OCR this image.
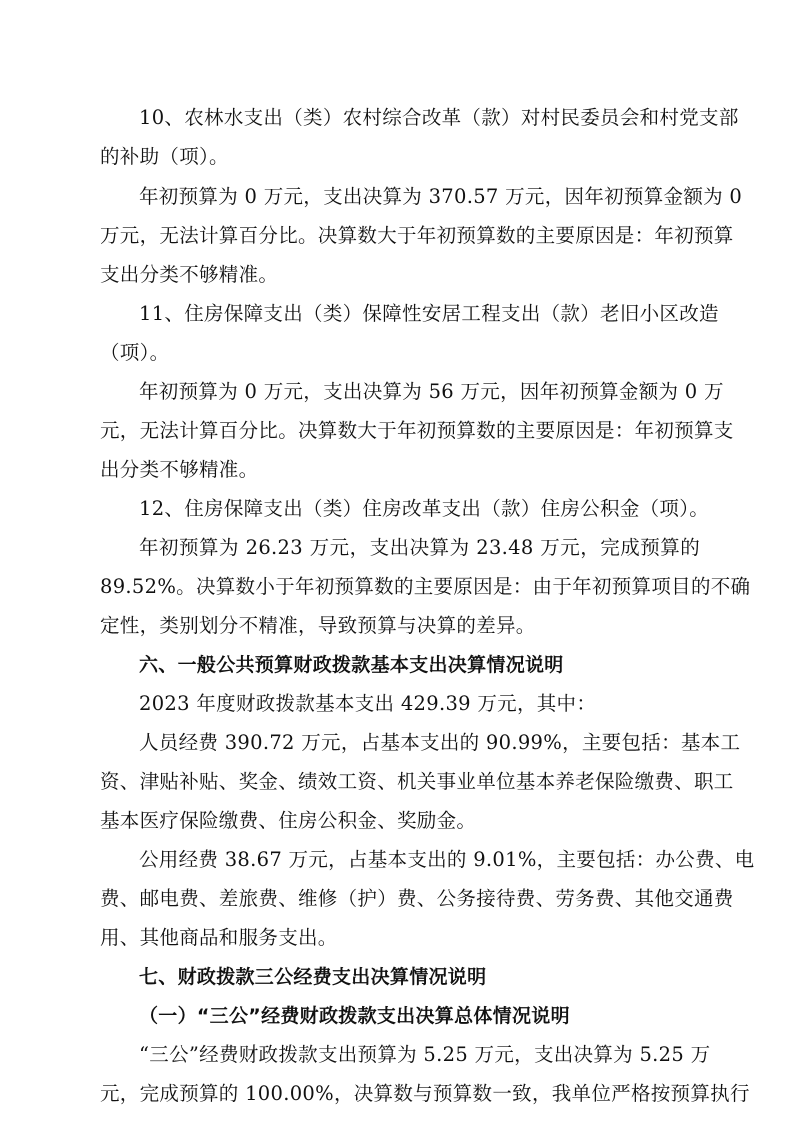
10、农林水支出（类）农村综合改革（款）对村民委员会和村党支部
的补助（项）。
年初预算为 0 万元，支出决算为 370.57 万元，因年初预算金额为 0
万元，无法计算百分比。决算数大于年初预算数的主要原因是：年初预算
支出分类不够精准。
11、住房保障支出（类）保障性安居工程支出（款）老旧小区改造
（项）。
年初预算为 0 万元，支出决算为 56 万元，因年初预算金额为 0 万
元，无法计算百分比。决算数大于年初预算数的主要原因是：年初预算支
出分类不够精准。
12、住房保障支出（类）住房改革支出（款）住房公积金（项）。
年初预算为 26.23 万元，支出决算为 23.48 万元，完成预算的
89.52%。决算数小于年初预算数的主要原因是：由于年初预算项目的不确
定性，类别划分不精准，导致预算与决算的差异。
六、一般公共预算财政拨款基本支出决算情况说明
2023 年度财政拨款基本支出 429.39 万元，其中：
人员经费 390.72 万元，占基本支出的 90.99%，主要包括：基本工
资、津贴补贴、奖金、绩效工资、机关事业单位基本养老保险缴费、职工
基本医疗保险缴费、住房公积金、奖励金。
公用经费 38.67 万元，占基本支出的 9.01%，主要包括：办公费、电
费、邮电费、差旅费、维修（护）费、公务接待费、劳务费、其他交通费
用、其他商品和服务支出。
七、财政拨款三公经费支出决算情况说明
（一）“三公”经费财政拨款支出决算总体情况说明
“三公”经费财政拨款支出预算为 5.25 万元，支出决算为 5.25 万
元，完成预算的 100.00%，决算数与预算数一致，我单位严格按预算执行
